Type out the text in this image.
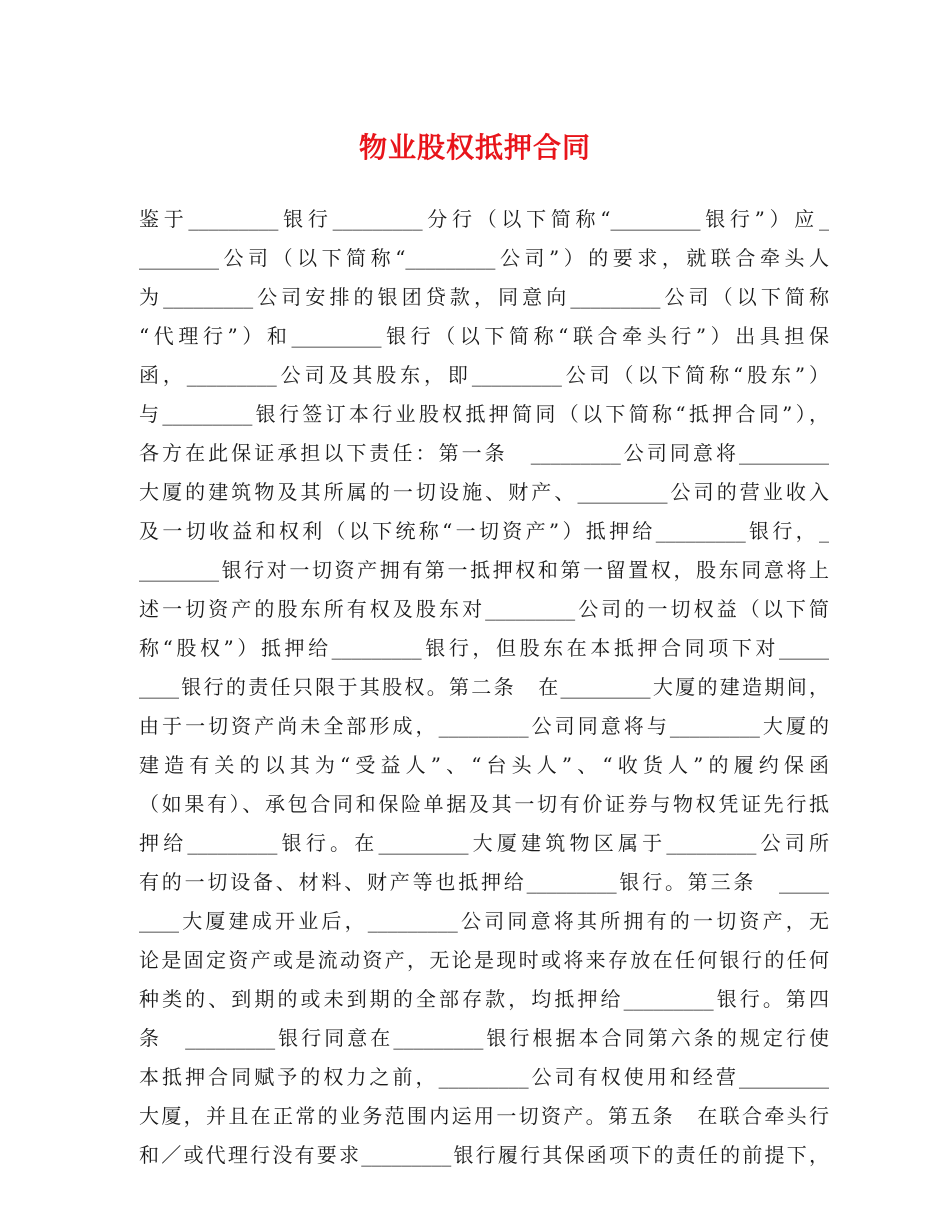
物业股权抵押合同
鉴于_________银行_________分行（以下简称“_________银行”）应_
________公司（以下简称“_________公司”）的要求，就联合牵头人
为_________公司安排的银团贷款，同意向_________公司（以下简称
“代理行”）和_________银行（以下简称“联合牵头行”）出具担保
函，_________公司及其股东，即_________公司（以下简称“股东”）
与_________银行签订本行业股权抵押简同（以下简称“抵押合同”），
各方在此保证承担以下责任：第一条　_________公司同意将_________
大厦的建筑物及其所属的一切设施、财产、_________公司的营业收入
及一切收益和权利（以下统称“一切资产”）抵押给_________银行，_
________银行对一切资产拥有第一抵押权和第一留置权，股东同意将上
述一切资产的股东所有权及股东对_________公司的一切权益（以下简
称“股权”）抵押给_________银行，但股东在本抵押合同项下对_____
____银行的责任只限于其股权。第二条　在_________大厦的建造期间，
由于一切资产尚未全部形成，_________公司同意将与_________大厦的
建造有关的以其为“受益人”、“台头人”、“收货人”的履约保函
（如果有）、承包合同和保险单据及其一切有价证券与物权凭证先行抵
押给_________银行。在_________大厦建筑物区属于_________公司所
有的一切设备、材料、财产等也抵押给_________银行。第三条　_____
____大厦建成开业后，_________公司同意将其所拥有的一切资产，无
论是固定资产或是流动资产，无论是现时或将来存放在任何银行的任何
种类的、到期的或未到期的全部存款，均抵押给_________银行。第四
条　_________银行同意在_________银行根据本合同第六条的规定行使
本抵押合同赋予的权力之前，_________公司有权使用和经营_________
大厦，并且在正常的业务范围内运用一切资产。第五条　在联合牵头行
和／或代理行没有要求_________银行履行其保函项下的责任的前提下，
